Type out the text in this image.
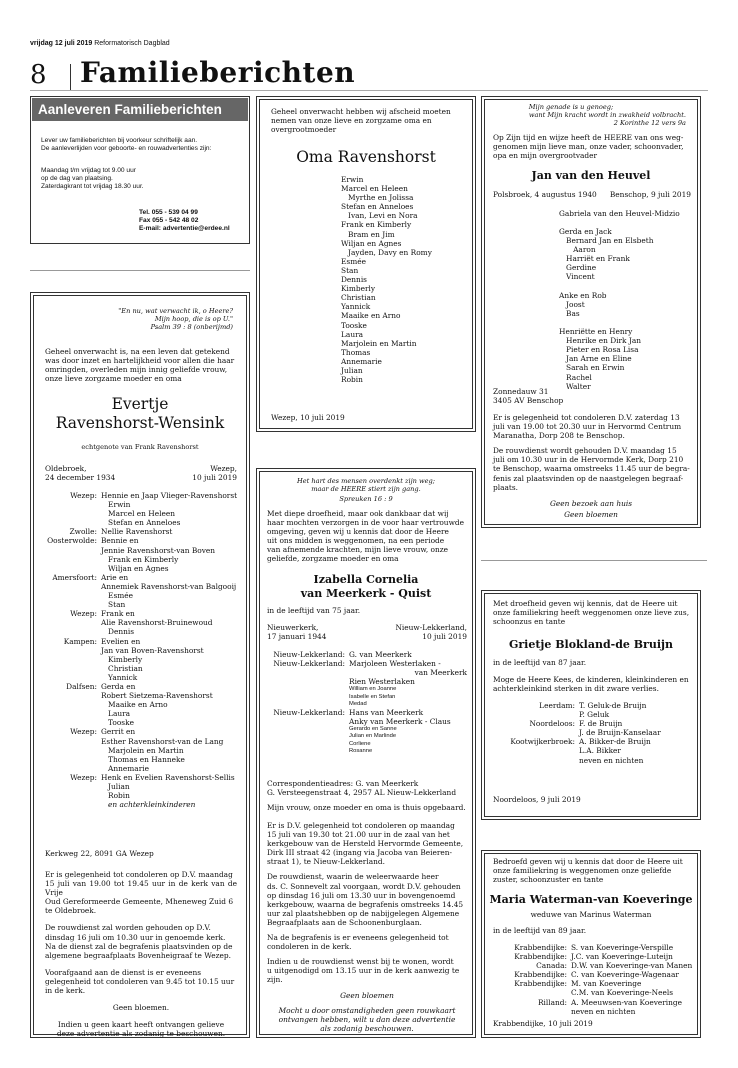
vrijdag 12 juli 2019 Reformatorisch Dagblad
8 Familieberichten
Aanleveren Familieberichten
Lever uw familieberichten bij voorkeur schriftelijk aan.
De aanleverlijden voor geboorte- en rouwadvertenties zijn:
Maandag t/m vrijdag tot 9.00 uur
op de dag van plaatsing.
Zaterdagkrant tot vrijdag 18.30 uur.
Tel. 055 - 539 04 99
Fax 055 - 542 48 02
E-mail: advertentie@erdee.nl
"En nu, wat verwacht ik, o Heere?
Mijn hoop, die is op U."
Psalm 39 : 8 (onberijmd)
Geheel onverwacht is, na een leven dat getekend
was door inzet en hartelijkheid voor allen die haar
omringden, overleden mijn innig geliefde vrouw,
onze lieve zorgzame moeder en oma
Evertje
Ravenshorst-Wensink
echtgenote van Frank Ravenshorst
Oldebroek,
24 december 1934
Wezep,
10 juli 2019
Wezep: Hennie en Jaap Vlieger-Ravenshorst
Erwin
Marcel en Heleen
Stefan en Anneloes
Zwolle: Nellie Ravenshorst
Oosterwolde: Bennie en
Jennie Ravenshorst-van Boven
Frank en Kimberly
Wiljan en Agnes
Amersfoort: Arie en
Annemiek Ravenshorst-van Balgooij
Esmée
Stan
Wezep: Frank en
Alie Ravenshorst-Bruinewoud
Dennis
Kampen: Evelien en
Jan van Boven-Ravenshorst
Kimberly
Christian
Yannick
Dalfsen: Gerda en
Robert Sietzema-Ravenshorst
Maaike en Arno
Laura
Tooske
Wezep: Gerrit en
Esther Ravenshorst-van de Lang
Marjolein en Martin
Thomas en Hanneke
Annemarie
Wezep: Henk en Evelien Ravenshorst-Sellis
Julian
Robin
en achterkleinkinderen
Kerkweg 22, 8091 GA Wezep
Er is gelegenheid tot condoleren op D.V. maandag
15 juli van 19.00 tot 19.45 uur in de kerk van de Vrije
Oud Gereformeerde Gemeente, Mheneweg Zuid 6
te Oldebroek.
De rouwdienst zal worden gehouden op D.V.
dinsdag 16 juli om 10.30 uur in genoemde kerk.
Na de dienst zal de begrafenis plaatsvinden op de
algemene begraafplaats Bovenheigraaf te Wezep.
Voorafgaand aan de dienst is er eveneens
gelegenheid tot condoleren van 9.45 tot 10.15 uur
in de kerk.
Geen bloemen.
Indien u geen kaart heeft ontvangen gelieve
deze advertentie als zodanig te beschouwen.
Geheel onverwacht hebben wij afscheid moeten
nemen van onze lieve en zorgzame oma en
overgrootmoeder
Oma Ravenshorst
Erwin
Marcel en Heleen
Myrthe en Jolissa
Stefan en Anneloes
Ivan, Levi en Nora
Frank en Kimberly
Bram en Jim
Wiljan en Agnes
Jayden, Davy en Romy
Esmée
Stan
Dennis
Kimberly
Christian
Yannick
Maaike en Arno
Tooske
Laura
Marjolein en Martin
Thomas
Annemarie
Julian
Robin
Wezep, 10 juli 2019
Het hart des mensen overdenkt zijn weg;
maar de HEERE stiert zijn gang.
Spreuken 16 : 9
Met diepe droefheid, maar ook dankbaar dat wij
haar mochten verzorgen in de voor haar vertrouwde
omgeving, geven wij u kennis dat door de Heere
uit ons midden is weggenomen, na een periode
van afnemende krachten, mijn lieve vrouw, onze
geliefde, zorgzame moeder en oma
Izabella Cornelia
van Meerkerk - Quist
in de leeftijd van 75 jaar.
Nieuwerkerk,
17 januari 1944
Nieuw-Lekkerland,
10 juli 2019
Nieuw-Lekkerland: G. van Meerkerk
Nieuw-Lekkerland: Marjoleen Westerlaken -
van Meerkerk
Rien Westerlaken
William en Joanne
Isabelle en Stefan
Medad
Nieuw-Lekkerland: Hans van Meerkerk
Anky van Meerkerk - Claus
Gerardo en Sanne
Julian en Marlinde
Corliene
Rosanne
Correspondentieadres: G. van Meerkerk
G. Versteegenstraat 4, 2957 AL Nieuw-Lekkerland
Mijn vrouw, onze moeder en oma is thuis opgebaard.
Er is D.V. gelegenheid tot condoleren op maandag
15 juli van 19.30 tot 21.00 uur in de zaal van het
kerkgebouw van de Hersteld Hervormde Gemeente,
Dirk III straat 42 (ingang via Jacoba van Beieren-
straat 1), te Nieuw-Lekkerland.
De rouwdienst, waarin de weleerwaarde heer
ds. C. Sonnevelt zal voorgaan, wordt D.V. gehouden
op dinsdag 16 juli om 13.30 uur in bovengenoemd
kerkgebouw, waarna de begrafenis omstreeks 14.45
uur zal plaatshebben op de nabijgelegen Algemene
Begraafplaats aan de Schoonenburglaan.
Na de begrafenis is er eveneens gelegenheid tot
condoleren in de kerk.
Indien u de rouwdienst wenst bij te wonen, wordt
u uitgenodigd om 13.15 uur in de kerk aanwezig te
zijn.
Geen bloemen
Mocht u door omstandigheden geen rouwkaart
ontvangen hebben, wilt u dan deze advertentie
als zodanig beschouwen.
Mijn genade is u genoeg;
want Mijn kracht wordt in zwakheid volbracht.
2 Korinthe 12 vers 9a
Op Zijn tijd en wijze heeft de HEERE van ons weg-
genomen mijn lieve man, onze vader, schoonvader,
opa en mijn overgrootvader
Jan van den Heuvel
Polsbroek, 4 augustus 1940 Benschop, 9 juli 2019
Gabriela van den Heuvel-Midzio
Gerda en Jack
Bernard Jan en Elsbeth
Aaron
Harriët en Frank
Gerdine
Vincent

Anke en Rob
Joost
Bas

Henriëtte en Henry
Henrike en Dirk Jan
Pieter en Rosa Lisa
Jan Arne en Eline
Sarah en Erwin
Rachel
Walter
Zonnedauw 31
3405 AV Benschop
Er is gelegenheid tot condoleren D.V. zaterdag 13
juli van 19.00 tot 20.30 uur in Hervormd Centrum
Maranatha, Dorp 208 te Benschop.
De rouwdienst wordt gehouden D.V. maandag 15
juli om 10.30 uur in de Hervormde Kerk, Dorp 210
te Benschop, waarna omstreeks 11.45 uur de begra-
fenis zal plaatsvinden op de naastgelegen begraaf-
plaats.
Geen bezoek aan huis
Geen bloemen
Met droefheid geven wij kennis, dat de Heere uit
onze familiekring heeft weggenomen onze lieve zus,
schoonzus en tante
Grietje Blokland-de Bruijn
in de leeftijd van 87 jaar.
Moge de Heere Kees, de kinderen, kleinkinderen en
achterkleinkind sterken in dit zware verlies.
Leerdam: T. Geluk-de Bruijn
P. Geluk
Noordeloos: F. de Bruijn
J. de Bruijn-Kanselaar
Kootwijkerbroek: A. Bikker-de Bruijn
L.A. Bikker
neven en nichten
Noordeloos, 9 juli 2019
Bedroefd geven wij u kennis dat door de Heere uit
onze familiekring is weggenomen onze geliefde
zuster, schoonzuster en tante
Maria Waterman-van Koeveringe
weduwe van Marinus Waterman
in de leeftijd van 89 jaar.
Krabbendijke: S. van Koeveringe-Verspille
Krabbendijke: J.C. van Koeveringe-Luteijn
Canada: D.W. van Koeveringe-van Manen
Krabbendijke: C. van Koeveringe-Wagenaar
Krabbendijke: M. van Koeveringe
C.M. van Koeveringe-Neels
Rilland: A. Meeuwsen-van Koeveringe
neven en nichten
Krabbendijke, 10 juli 2019
